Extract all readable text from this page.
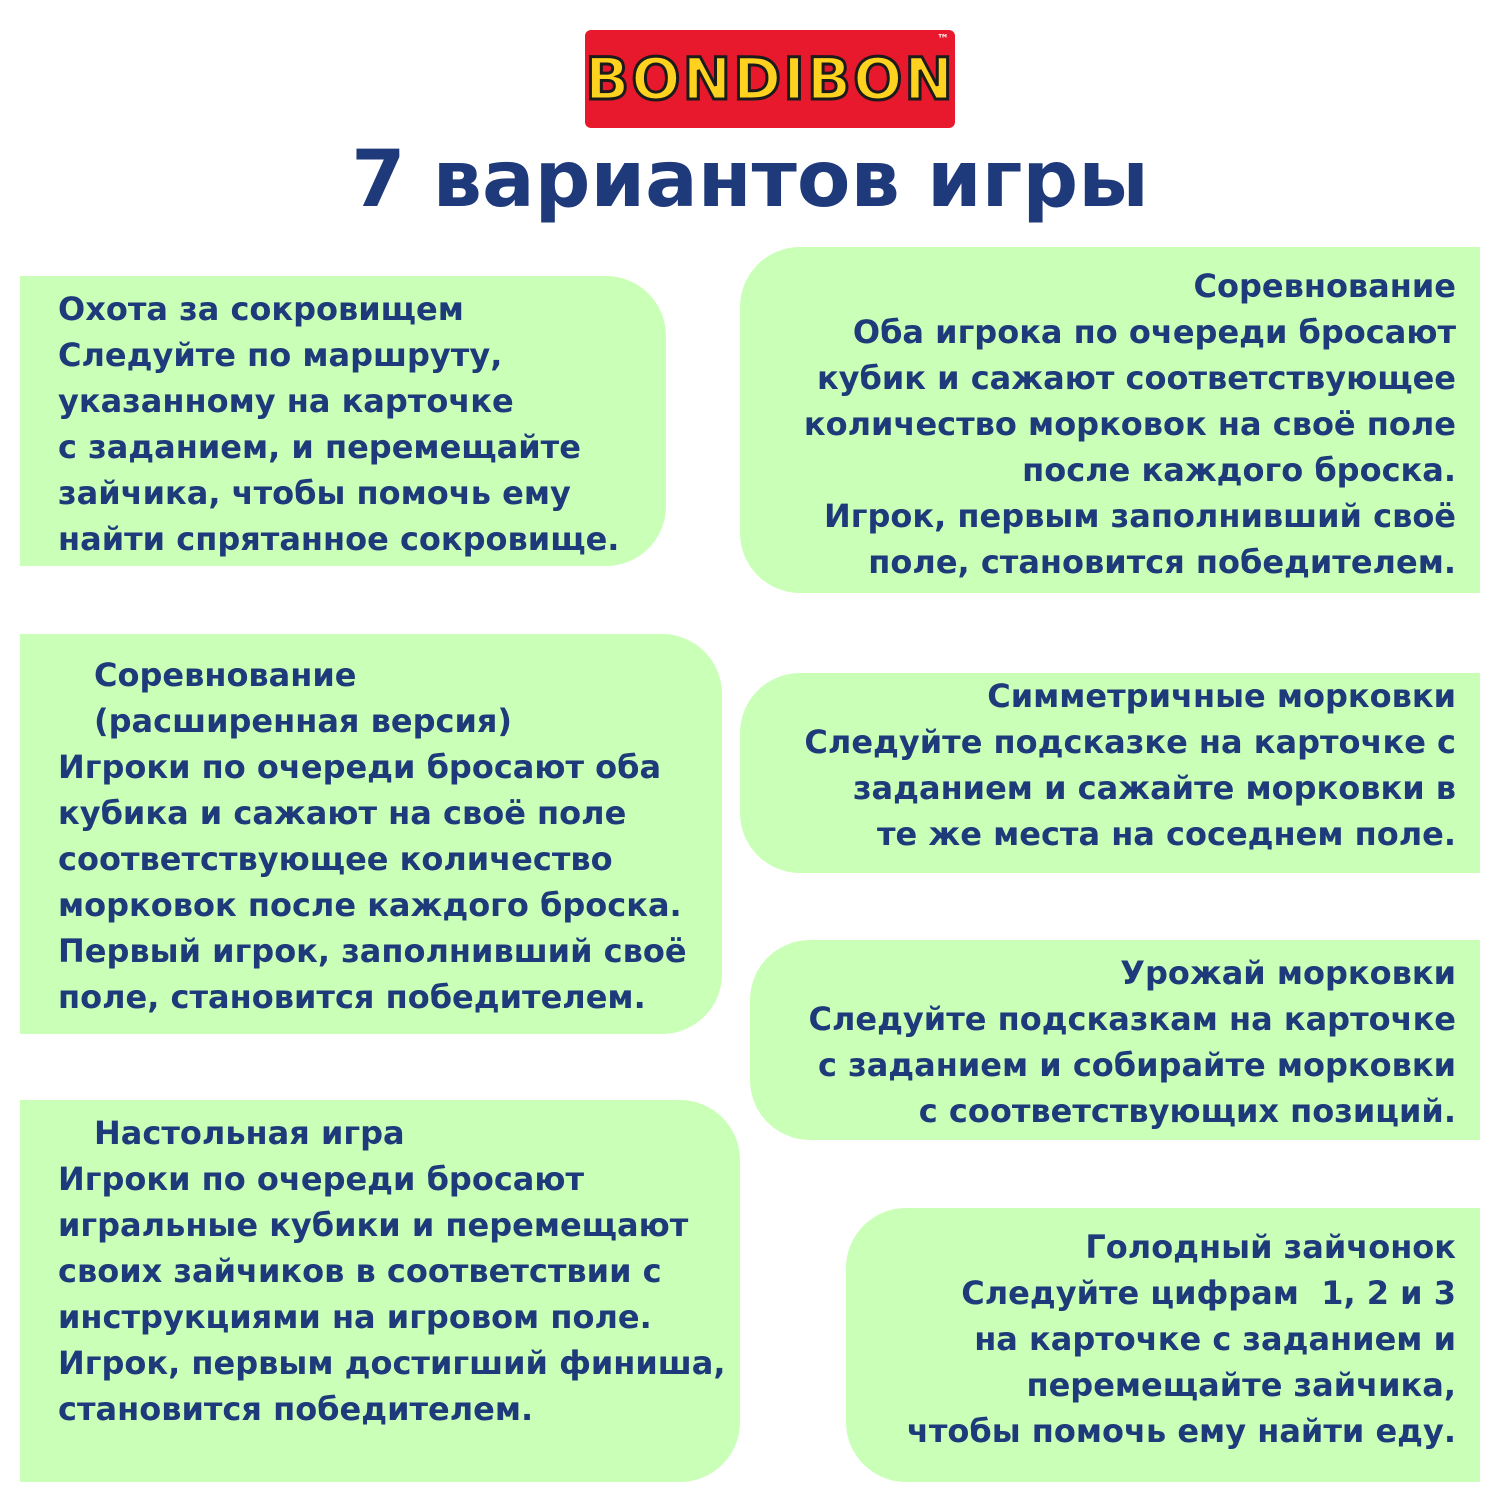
BONDIBON
™
7 вариантов игры
Охота за сокровищем
Следуйте по маршруту,
указанному на карточке
с заданием, и перемещайте
зайчика, чтобы помочь ему
найти спрятанное сокровище.
Соревнование
Оба игрока по очереди бросают
кубик и сажают соответствующее
количество морковок на своё поле
после каждого броска.
Игрок, первым заполнивший своё
поле, становится победителем.
Соревнование
(расширенная версия)
Игроки по очереди бросают оба
кубика и сажают на своё поле
соответствующее количество
морковок после каждого броска.
Первый игрок, заполнивший своё
поле, становится победителем.
Симметричные морковки
Следуйте подсказке на карточке с
заданием и сажайте морковки в
те же места на соседнем поле.
Настольная игра
Игроки по очереди бросают
игральные кубики и перемещают
своих зайчиков в соответствии с
инструкциями на игровом поле.
Игрок, первым достигший финиша,
становится победителем.
Урожай морковки
Следуйте подсказкам на карточке
с заданием и собирайте морковки
с соответствующих позиций.
Голодный зайчонок
Следуйте цифрам  1, 2 и 3
на карточке с заданием и
перемещайте зайчика,
чтобы помочь ему найти еду.
